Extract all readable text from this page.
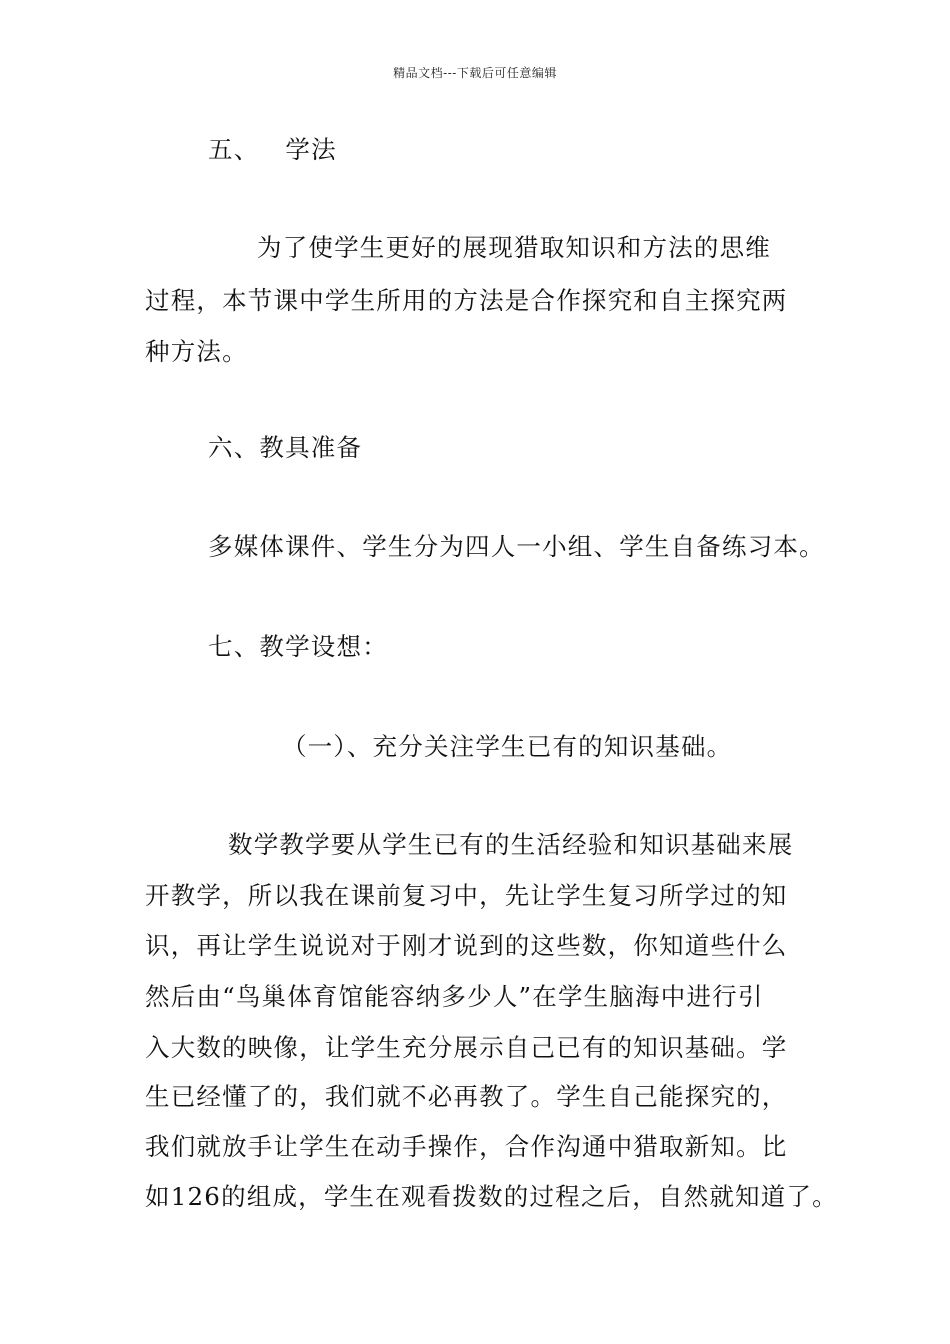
精品文档---下载后可任意编辑
五、 学法
为了使学生更好的展现猎取知识和方法的思维
过程，本节课中学生所用的方法是合作探究和自主探究两
种方法。
六、教具准备
多媒体课件、学生分为四人一小组、学生自备练习本。
七、教学设想：
（一）、充分关注学生已有的知识基础。
数学教学要从学生已有的生活经验和知识基础来展
开教学，所以我在课前复习中，先让学生复习所学过的知
识，再让学生说说对于刚才说到的这些数，你知道些什么
然后由“鸟巢体育馆能容纳多少人”在学生脑海中进行引
入大数的映像，让学生充分展示自己已有的知识基础。学
生已经懂了的，我们就不必再教了。学生自己能探究的，
我们就放手让学生在动手操作，合作沟通中猎取新知。比
如126的组成，学生在观看拨数的过程之后，自然就知道了。
